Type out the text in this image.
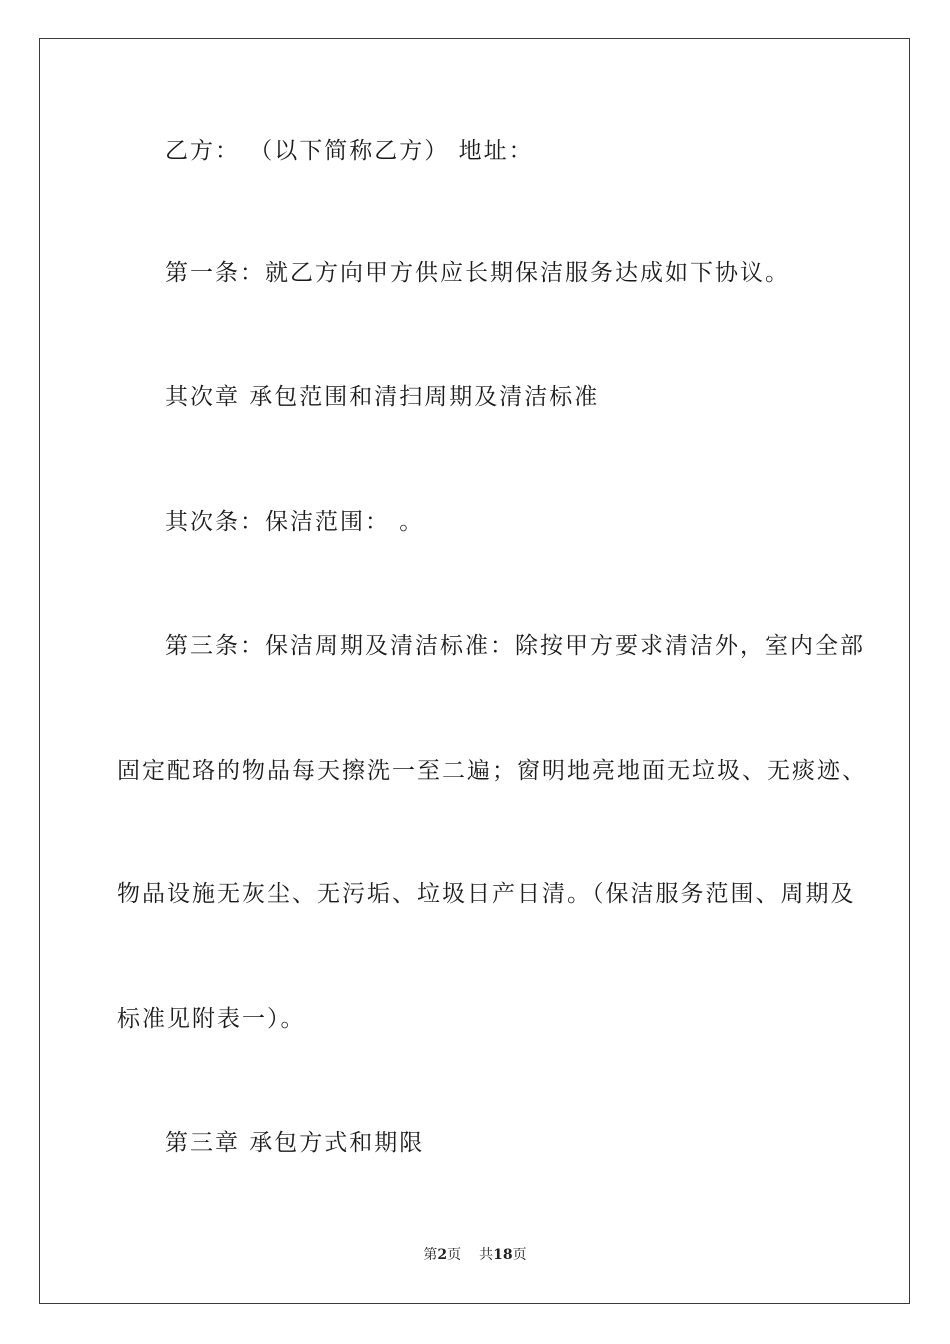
乙方： （以下简称乙方） 地址：
第一条：就乙方向甲方供应长期保洁服务达成如下协议。
其次章 承包范围和清扫周期及清洁标准
其次条：保洁范围： 。
第三条：保洁周期及清洁标准：除按甲方要求清洁外，室内全部
固定配珞的物品每天擦洗一至二遍；窗明地亮地面无垃圾、无痰迹、
物品设施无灰尘、无污垢、垃圾日产日清。（保洁服务范围、周期及
标准见附表一）。
第三章 承包方式和期限
第2页 共18页
